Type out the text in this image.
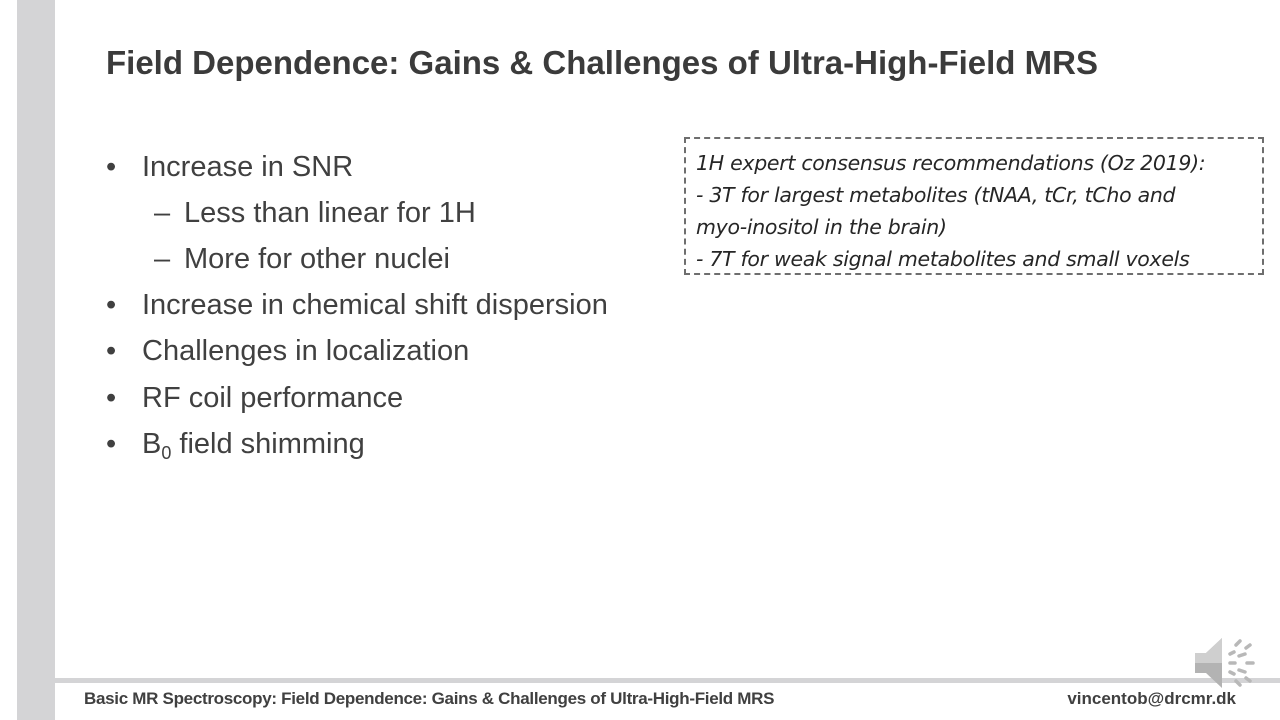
Field Dependence: Gains & Challenges of Ultra-High-Field MRS
• Increase in SNR
– Less than linear for 1H
– More for other nuclei
• Increase in chemical shift dispersion
• Challenges in localization
• RF coil performance
• $B_0$ field shimming
1H expert consensus recommendations (Oz 2019):
- 3T for largest metabolites (tNAA, tCr, tCho and
myo-inositol in the brain)
- 7T for weak signal metabolites and small voxels
Basic MR Spectroscopy: Field Dependence: Gains & Challenges of Ultra-High-Field MRS	vincentob@drcmr.dk
